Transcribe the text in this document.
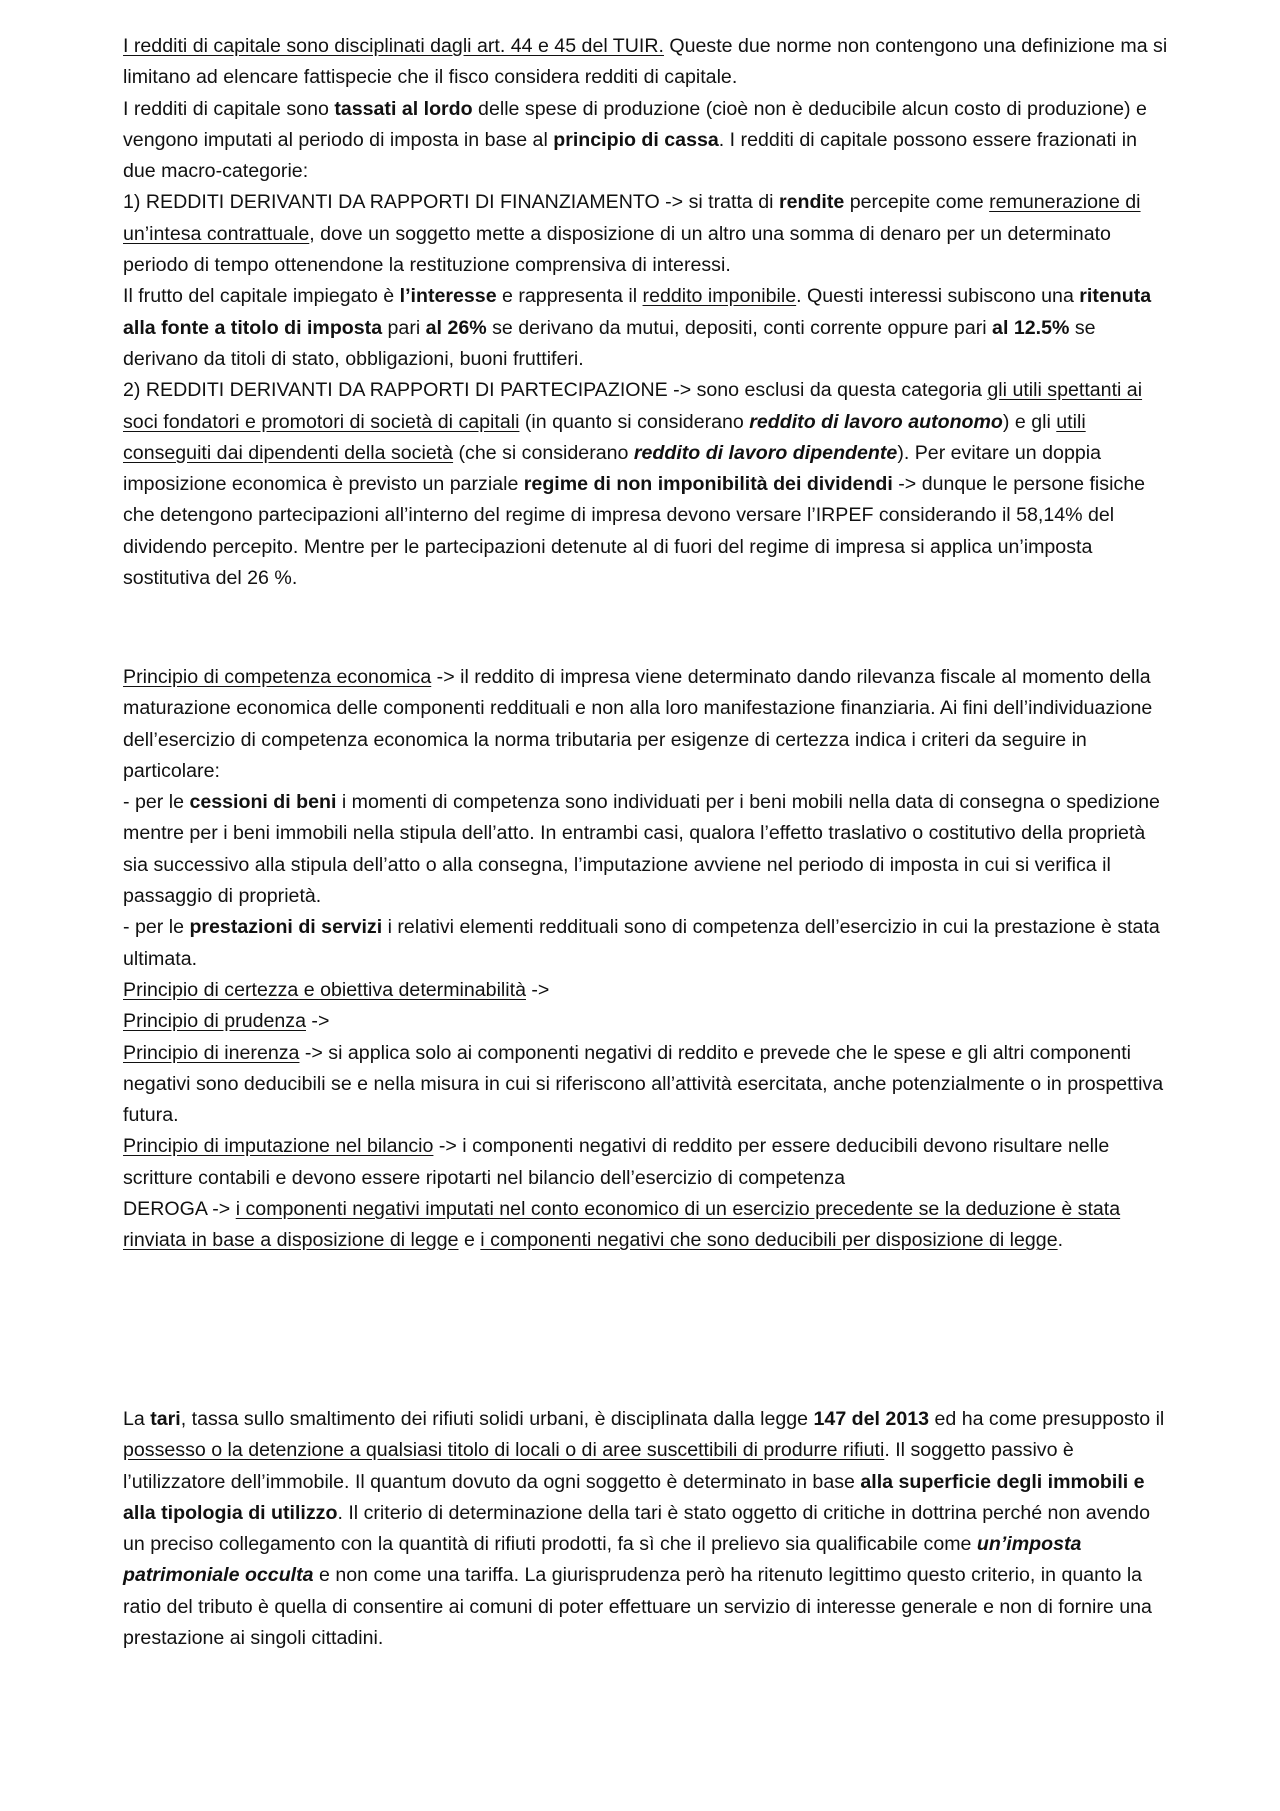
I redditi di capitale sono disciplinati dagli art. 44 e 45 del TUIR. Queste due norme non contengono una definizione ma si limitano ad elencare fattispecie che il fisco considera redditi di capitale.

I redditi di capitale sono tassati al lordo delle spese di produzione (cioè non è deducibile alcun costo di produzione) e vengono imputati al periodo di imposta in base al principio di cassa. I redditi di capitale possono essere frazionati in due macro-categorie:

1) REDDITI DERIVANTI DA RAPPORTI DI FINANZIAMENTO -> si tratta di rendite percepite come remunerazione di un’intesa contrattuale, dove un soggetto mette a disposizione di un altro una somma di denaro per un determinato periodo di tempo ottenendone la restituzione comprensiva di interessi.

Il frutto del capitale impiegato è l’interesse e rappresenta il reddito imponibile. Questi interessi subiscono una ritenuta alla fonte a titolo di imposta pari al 26% se derivano da mutui, depositi, conti corrente oppure pari al 12.5% se derivano da titoli di stato, obbligazioni, buoni fruttiferi.

2) REDDITI DERIVANTI DA RAPPORTI DI PARTECIPAZIONE -> sono esclusi da questa categoria gli utili spettanti ai soci fondatori e promotori di società di capitali (in quanto si considerano reddito di lavoro autonomo) e gli utili conseguiti dai dipendenti della società (che si considerano reddito di lavoro dipendente). Per evitare un doppia imposizione economica è previsto un parziale regime di non imponibilità dei dividendi -> dunque le persone fisiche che detengono partecipazioni all’interno del regime di impresa devono versare l’IRPEF considerando il 58,14% del dividendo percepito. Mentre per le partecipazioni detenute al di fuori del regime di impresa si applica un’imposta sostitutiva del 26 %.

Principio di competenza economica -> il reddito di impresa viene determinato dando rilevanza fiscale al momento della maturazione economica delle componenti reddituali e non alla loro manifestazione finanziaria. Ai fini dell’individuazione dell’esercizio di competenza economica la norma tributaria per esigenze di certezza indica i criteri da seguire in particolare:

- per le cessioni di beni i momenti di competenza sono individuati per i beni mobili nella data di consegna o spedizione mentre per i beni immobili nella stipula dell’atto. In entrambi casi, qualora l’effetto traslativo o costitutivo della proprietà sia successivo alla stipula dell’atto o alla consegna, l’imputazione avviene nel periodo di imposta in cui si verifica il passaggio di proprietà.

- per le prestazioni di servizi i relativi elementi reddituali sono di competenza dell’esercizio in cui la prestazione è stata ultimata.

Principio di certezza e obiettiva determinabilità ->

Principio di prudenza ->

Principio di inerenza -> si applica solo ai componenti negativi di reddito e prevede che le spese e gli altri componenti negativi sono deducibili se e nella misura in cui si riferiscono all’attività esercitata, anche potenzialmente o in prospettiva futura.

Principio di imputazione nel bilancio -> i componenti negativi di reddito per essere deducibili devono risultare nelle scritture contabili e devono essere ripotarti nel bilancio dell’esercizio di competenza

DEROGA -> i componenti negativi imputati nel conto economico di un esercizio precedente se la deduzione è stata rinviata in base a disposizione di legge e i componenti negativi che sono deducibili per disposizione di legge.

La tari, tassa sullo smaltimento dei rifiuti solidi urbani, è disciplinata dalla legge 147 del 2013 ed ha come presupposto il possesso o la detenzione a qualsiasi titolo di locali o di aree suscettibili di produrre rifiuti. Il soggetto passivo è l’utilizzatore dell’immobile. Il quantum dovuto da ogni soggetto è determinato in base alla superficie degli immobili e alla tipologia di utilizzo. Il criterio di determinazione della tari è stato oggetto di critiche in dottrina perché non avendo un preciso collegamento con la quantità di rifiuti prodotti, fa sì che il prelievo sia qualificabile come un’imposta patrimoniale occulta e non come una tariffa. La giurisprudenza però ha ritenuto legittimo questo criterio, in quanto la ratio del tributo è quella di consentire ai comuni di poter effettuare un servizio di interesse generale e non di fornire una prestazione ai singoli cittadini.
